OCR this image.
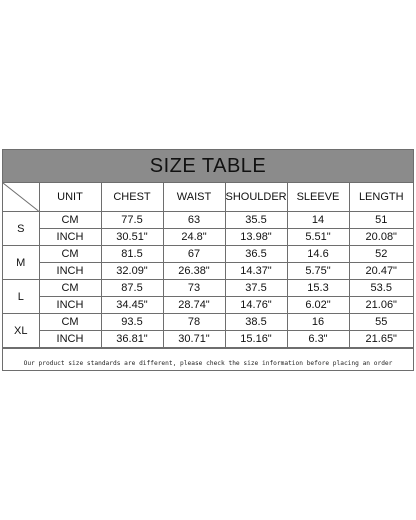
SIZE TABLE
	UNIT	CHEST	WAIST	SHOULDER	SLEEVE	LENGTH
S	CM	77.5	63	35.5	14	51
	INCH	30.51"	24.8"	13.98"	5.51"	20.08"
M	CM	81.5	67	36.5	14.6	52
	INCH	32.09"	26.38"	14.37"	5.75"	20.47"
L	CM	87.5	73	37.5	15.3	53.5
	INCH	34.45"	28.74"	14.76"	6.02"	21.06"
XL	CM	93.5	78	38.5	16	55
	INCH	36.81"	30.71"	15.16"	6.3"	21.65"
Our product size standards are different, please check the size information before placing an order
